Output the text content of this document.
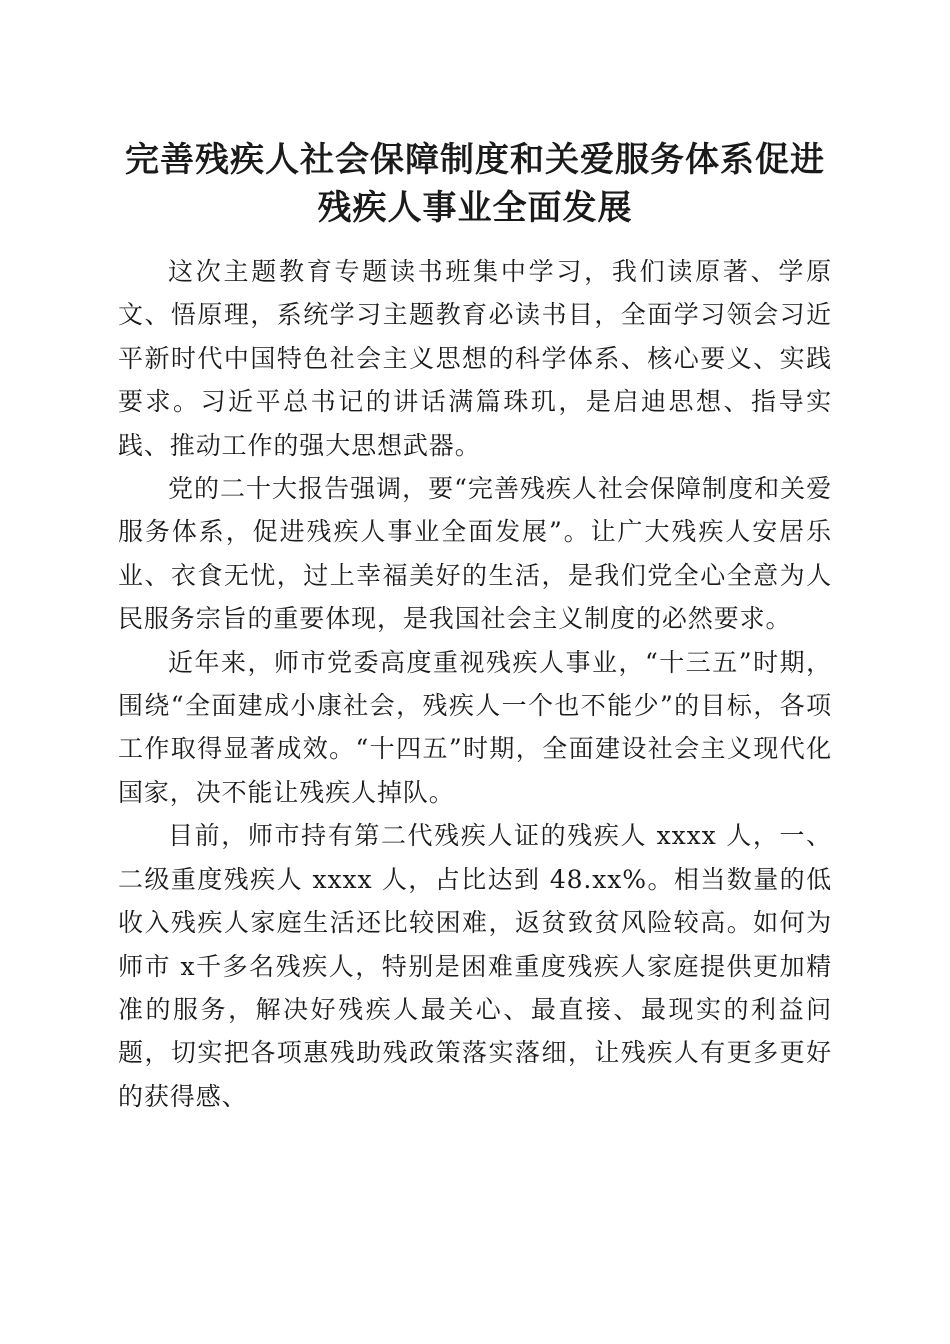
完善残疾人社会保障制度和关爱服务体系促进
残疾人事业全面发展

这次主题教育专题读书班集中学习，我们读原著、学原文、悟原理，系统学习主题教育必读书目，全面学习领会习近平新时代中国特色社会主义思想的科学体系、核心要义、实践要求。习近平总书记的讲话满篇珠玑，是启迪思想、指导实践、推动工作的强大思想武器。

党的二十大报告强调，要“完善残疾人社会保障制度和关爱服务体系，促进残疾人事业全面发展”。让广大残疾人安居乐业、衣食无忧，过上幸福美好的生活，是我们党全心全意为人民服务宗旨的重要体现，是我国社会主义制度的必然要求。

近年来，师市党委高度重视残疾人事业，“十三五”时期，围绕“全面建成小康社会，残疾人一个也不能少”的目标，各项工作取得显著成效。“十四五”时期，全面建设社会主义现代化国家，决不能让残疾人掉队。

目前，师市持有第二代残疾人证的残疾人 xxxx 人，一、二级重度残疾人 xxxx 人，占比达到 48.xx%。相当数量的低收入残疾人家庭生活还比较困难，返贫致贫风险较高。如何为师市 x千多名残疾人，特别是困难重度残疾人家庭提供更加精准的服务，解决好残疾人最关心、最直接、最现实的利益问题，切实把各项惠残助残政策落实落细，让残疾人有更多更好的获得感、
